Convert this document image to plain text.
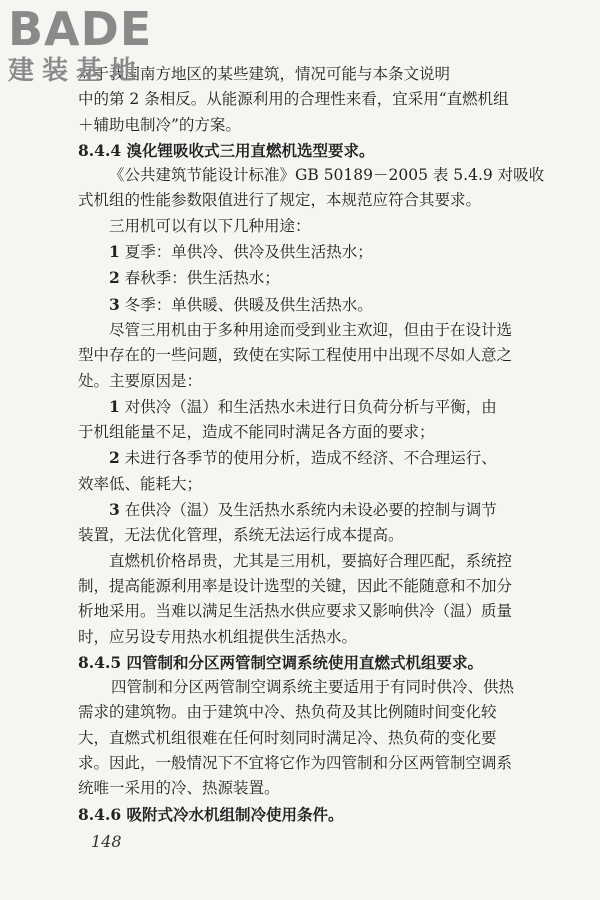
BADE
建装基地
对于我国南方地区的某些建筑，情况可能与本条文说明
中的第 2 条相反。从能源利用的合理性来看，宜采用“直燃机组
＋辅助电制冷”的方案。
8.4.4 溴化锂吸收式三用直燃机选型要求。
《公共建筑节能设计标准》GB 50189－2005 表 5.4.9 对吸收
式机组的性能参数限值进行了规定，本规范应符合其要求。
三用机可以有以下几种用途：
1 夏季：单供冷、供冷及供生活热水；
2 春秋季：供生活热水；
3 冬季：单供暖、供暖及供生活热水。
尽管三用机由于多种用途而受到业主欢迎，但由于在设计选
型中存在的一些问题，致使在实际工程使用中出现不尽如人意之
处。主要原因是：
1 对供冷（温）和生活热水未进行日负荷分析与平衡，由
于机组能量不足，造成不能同时满足各方面的要求；
2 未进行各季节的使用分析，造成不经济、不合理运行、
效率低、能耗大；
3 在供冷（温）及生活热水系统内未设必要的控制与调节
装置，无法优化管理，系统无法运行成本提高。
直燃机价格昂贵，尤其是三用机，要搞好合理匹配，系统控
制，提高能源利用率是设计选型的关键，因此不能随意和不加分
析地采用。当难以满足生活热水供应要求又影响供冷（温）质量
时，应另设专用热水机组提供生活热水。
8.4.5 四管制和分区两管制空调系统使用直燃式机组要求。
四管制和分区两管制空调系统主要适用于有同时供冷、供热
需求的建筑物。由于建筑中冷、热负荷及其比例随时间变化较
大，直燃式机组很难在任何时刻同时满足冷、热负荷的变化要
求。因此，一般情况下不宜将它作为四管制和分区两管制空调系
统唯一采用的冷、热源装置。
8.4.6 吸附式冷水机组制冷使用条件。
148
